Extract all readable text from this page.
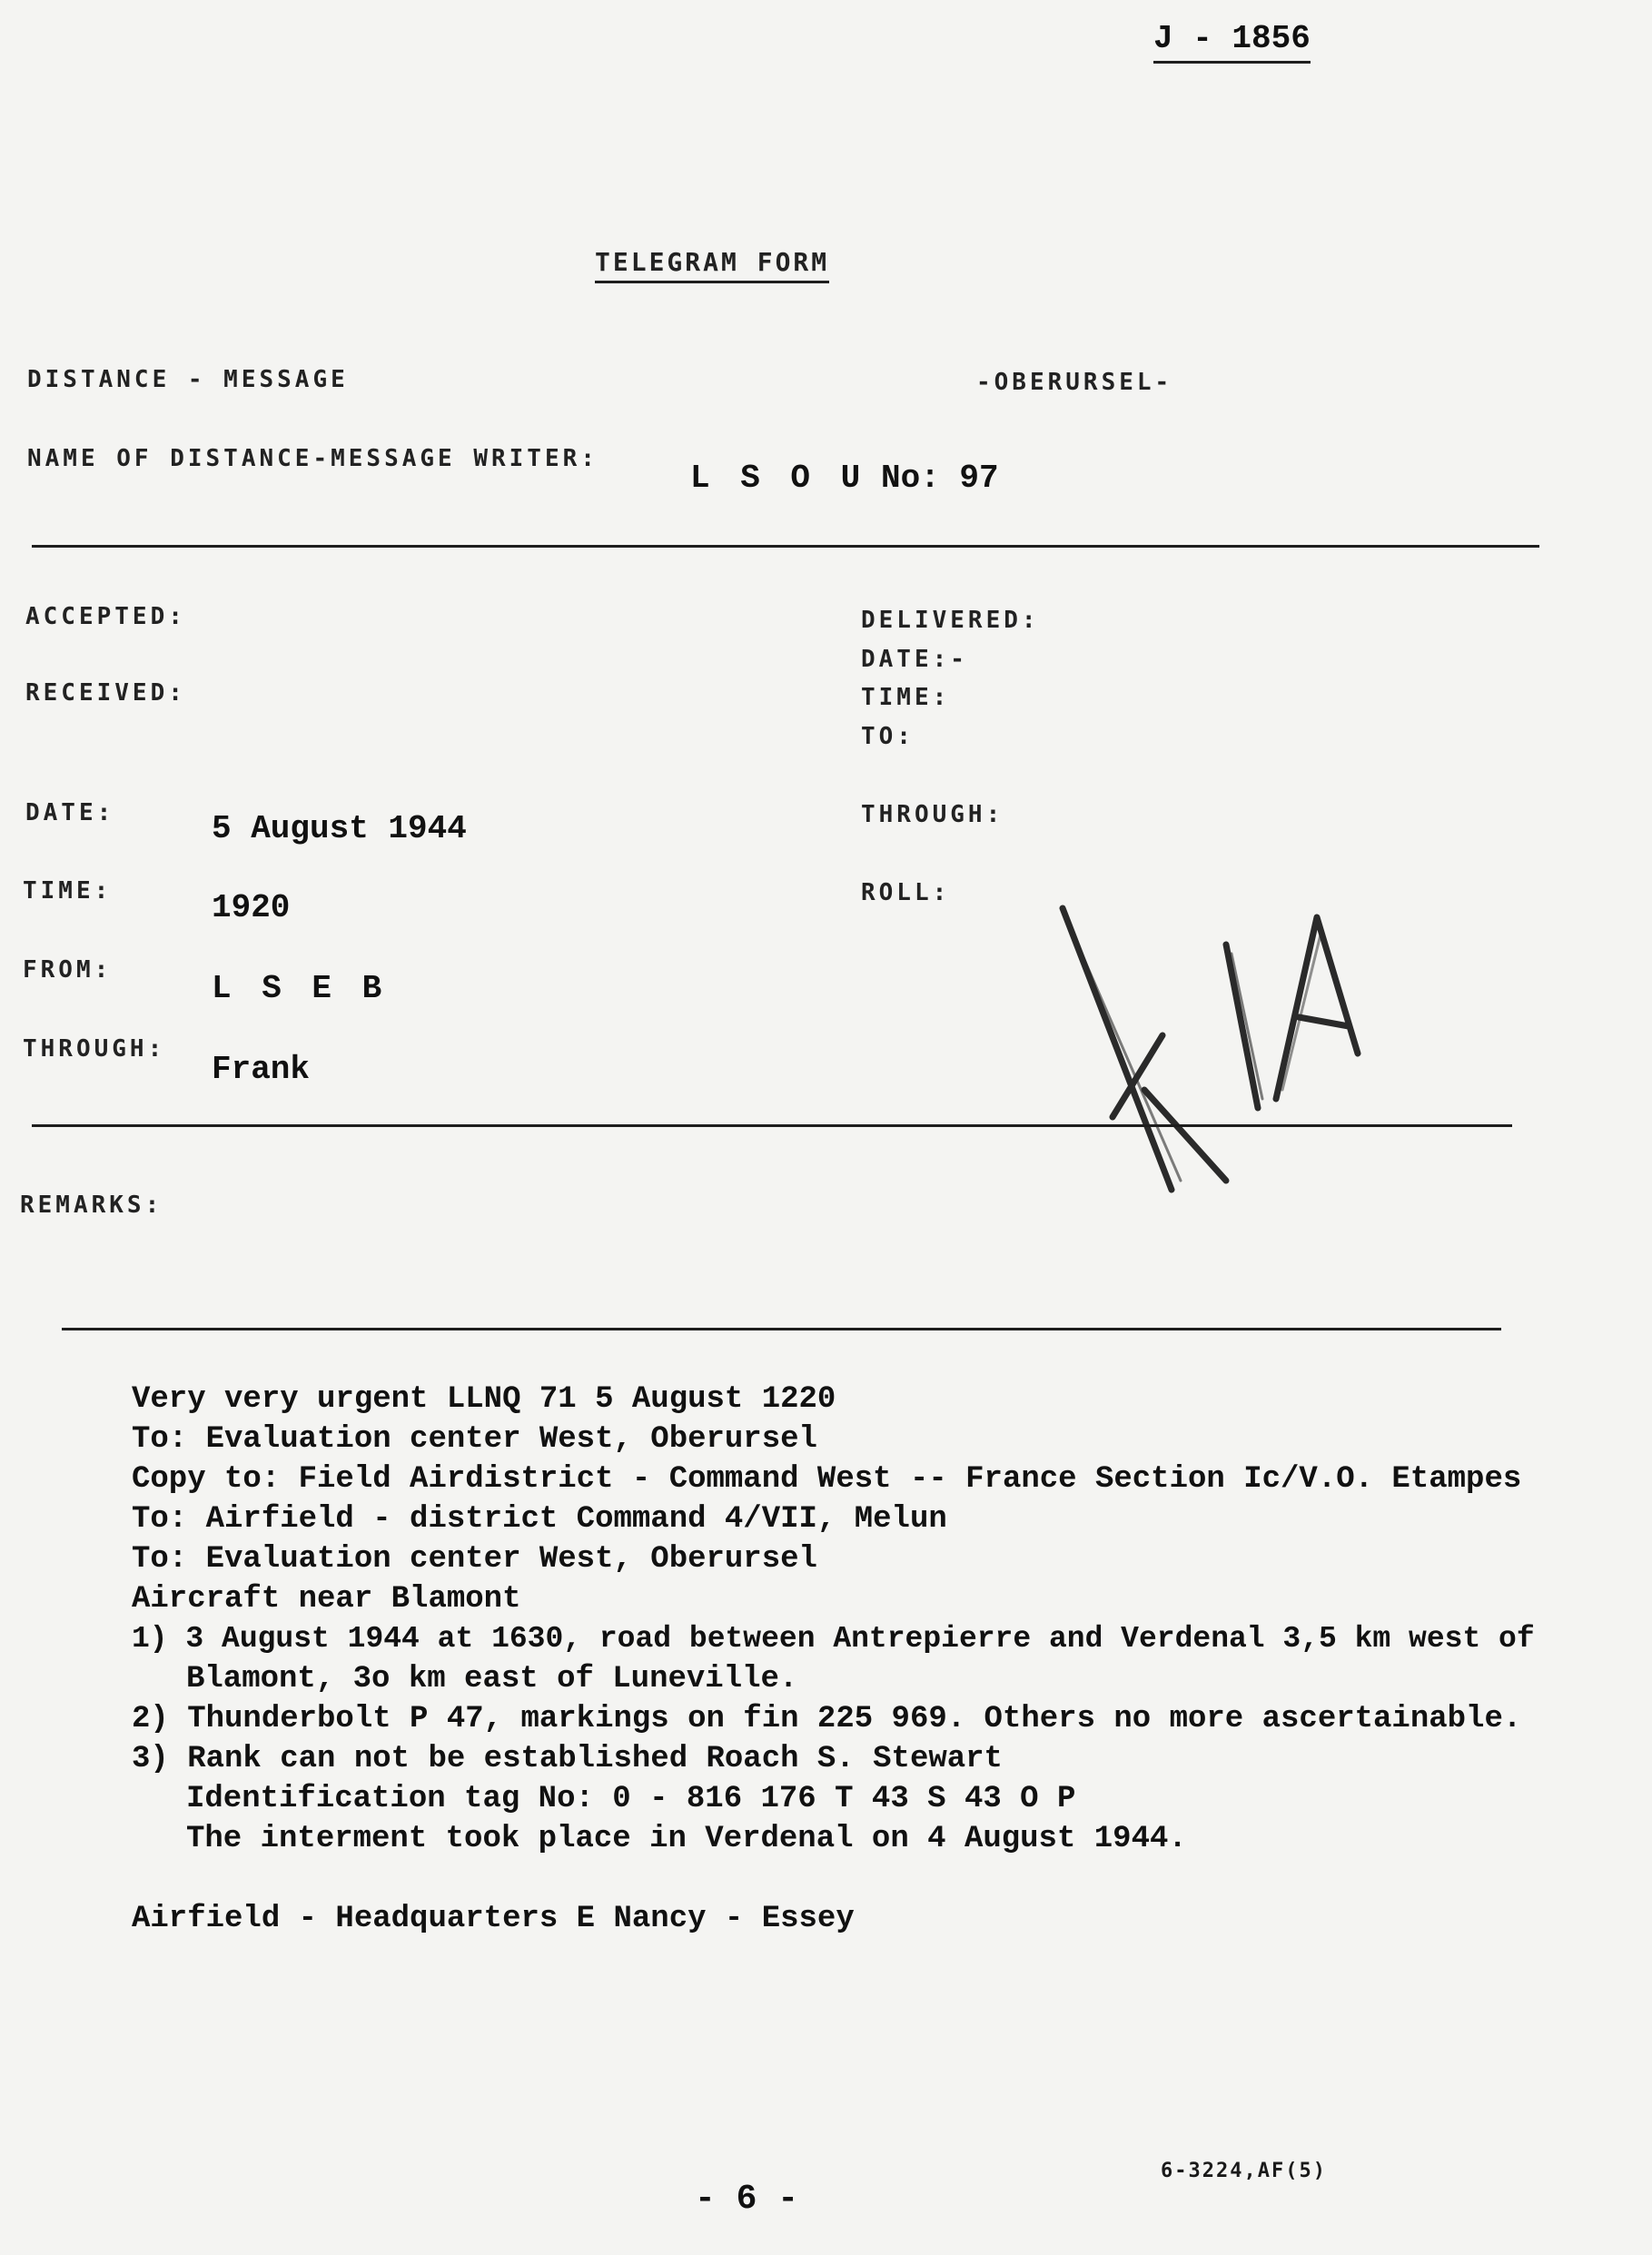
J - 1856
TELEGRAM FORM
DISTANCE - MESSAGE	-OBERURSEL-
NAME OF DISTANCE-MESSAGE WRITER:
L S O U No: 97
ACCEPTED:
RECEIVED:
DATE:	5 August 1944
TIME:	1920
FROM:	L S E B
THROUGH:
Frank
DELIVERED:
DATE:-
TIME:
TO:
THROUGH:
ROLL:
REMARKS:
Very very urgent LLNQ 71 5 August 1220
To: Evaluation center West, Oberursel
Copy to: Field Airdistrict - Command West -- France Section Ic/V.O. Etampes
To: Airfield - district Command 4/VII, Melun
To: Evaluation center West, Oberursel
Aircraft near Blamont
1) 3 August 1944 at 1630, road between Antrepierre and Verdenal 3,5 km west of
Blamont, 3o km east of Luneville.
2) Thunderbolt P 47, markings on fin 225 969. Others no more ascertainable.
3) Rank can not be established Roach S. Stewart
Identification tag No: 0 - 816 176 T 43 S 43 O P
The interment took place in Verdenal on 4 August 1944.
Airfield - Headquarters E Nancy - Essey
- 6 -
6-3224,AF(5)
